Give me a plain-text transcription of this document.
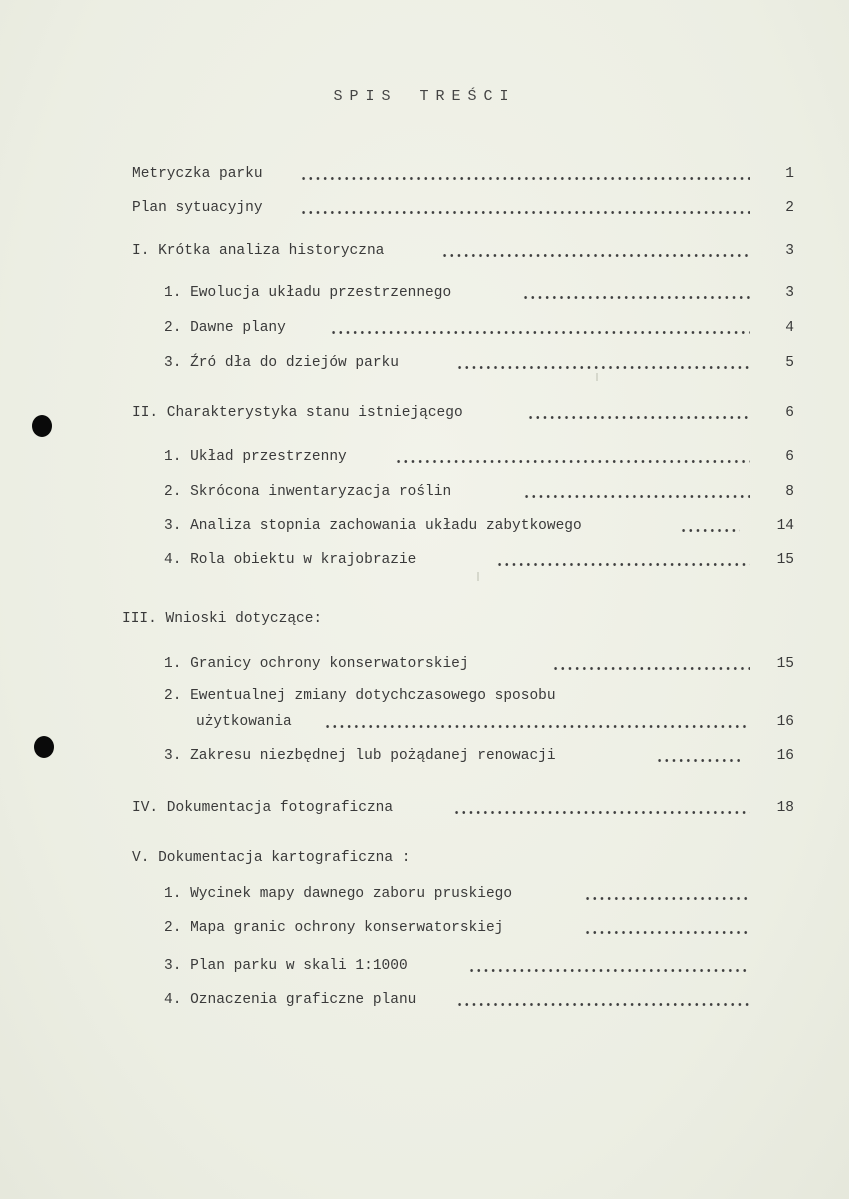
SPIS TREŚCI
Metryczka parku	1
Plan sytuacyjny	2
I. Krótka analiza historyczna	3
1. Ewolucja układu przestrzennego	3
2. Dawne plany	4
3. Źró dła do dziejów parku	5
II. Charakterystyka stanu istniejącego	6
1. Układ przestrzenny	6
2. Skrócona inwentaryzacja roślin	8
3. Analiza stopnia zachowania układu zabytkowego	14
4. Rola obiektu w krajobrazie	15
III. Wnioski dotyczące:
1. Granicy ochrony konserwatorskiej	15
2. Ewentualnej zmiany dotychczasowego sposobu
użytkowania	16
3. Zakresu niezbędnej lub pożądanej renowacji	16
IV. Dokumentacja fotograficzna	18
V. Dokumentacja kartograficzna :
1. Wycinek mapy dawnego zaboru pruskiego
2. Mapa granic ochrony konserwatorskiej
3. Plan parku w skali 1:1000
4. Oznaczenia graficzne planu
